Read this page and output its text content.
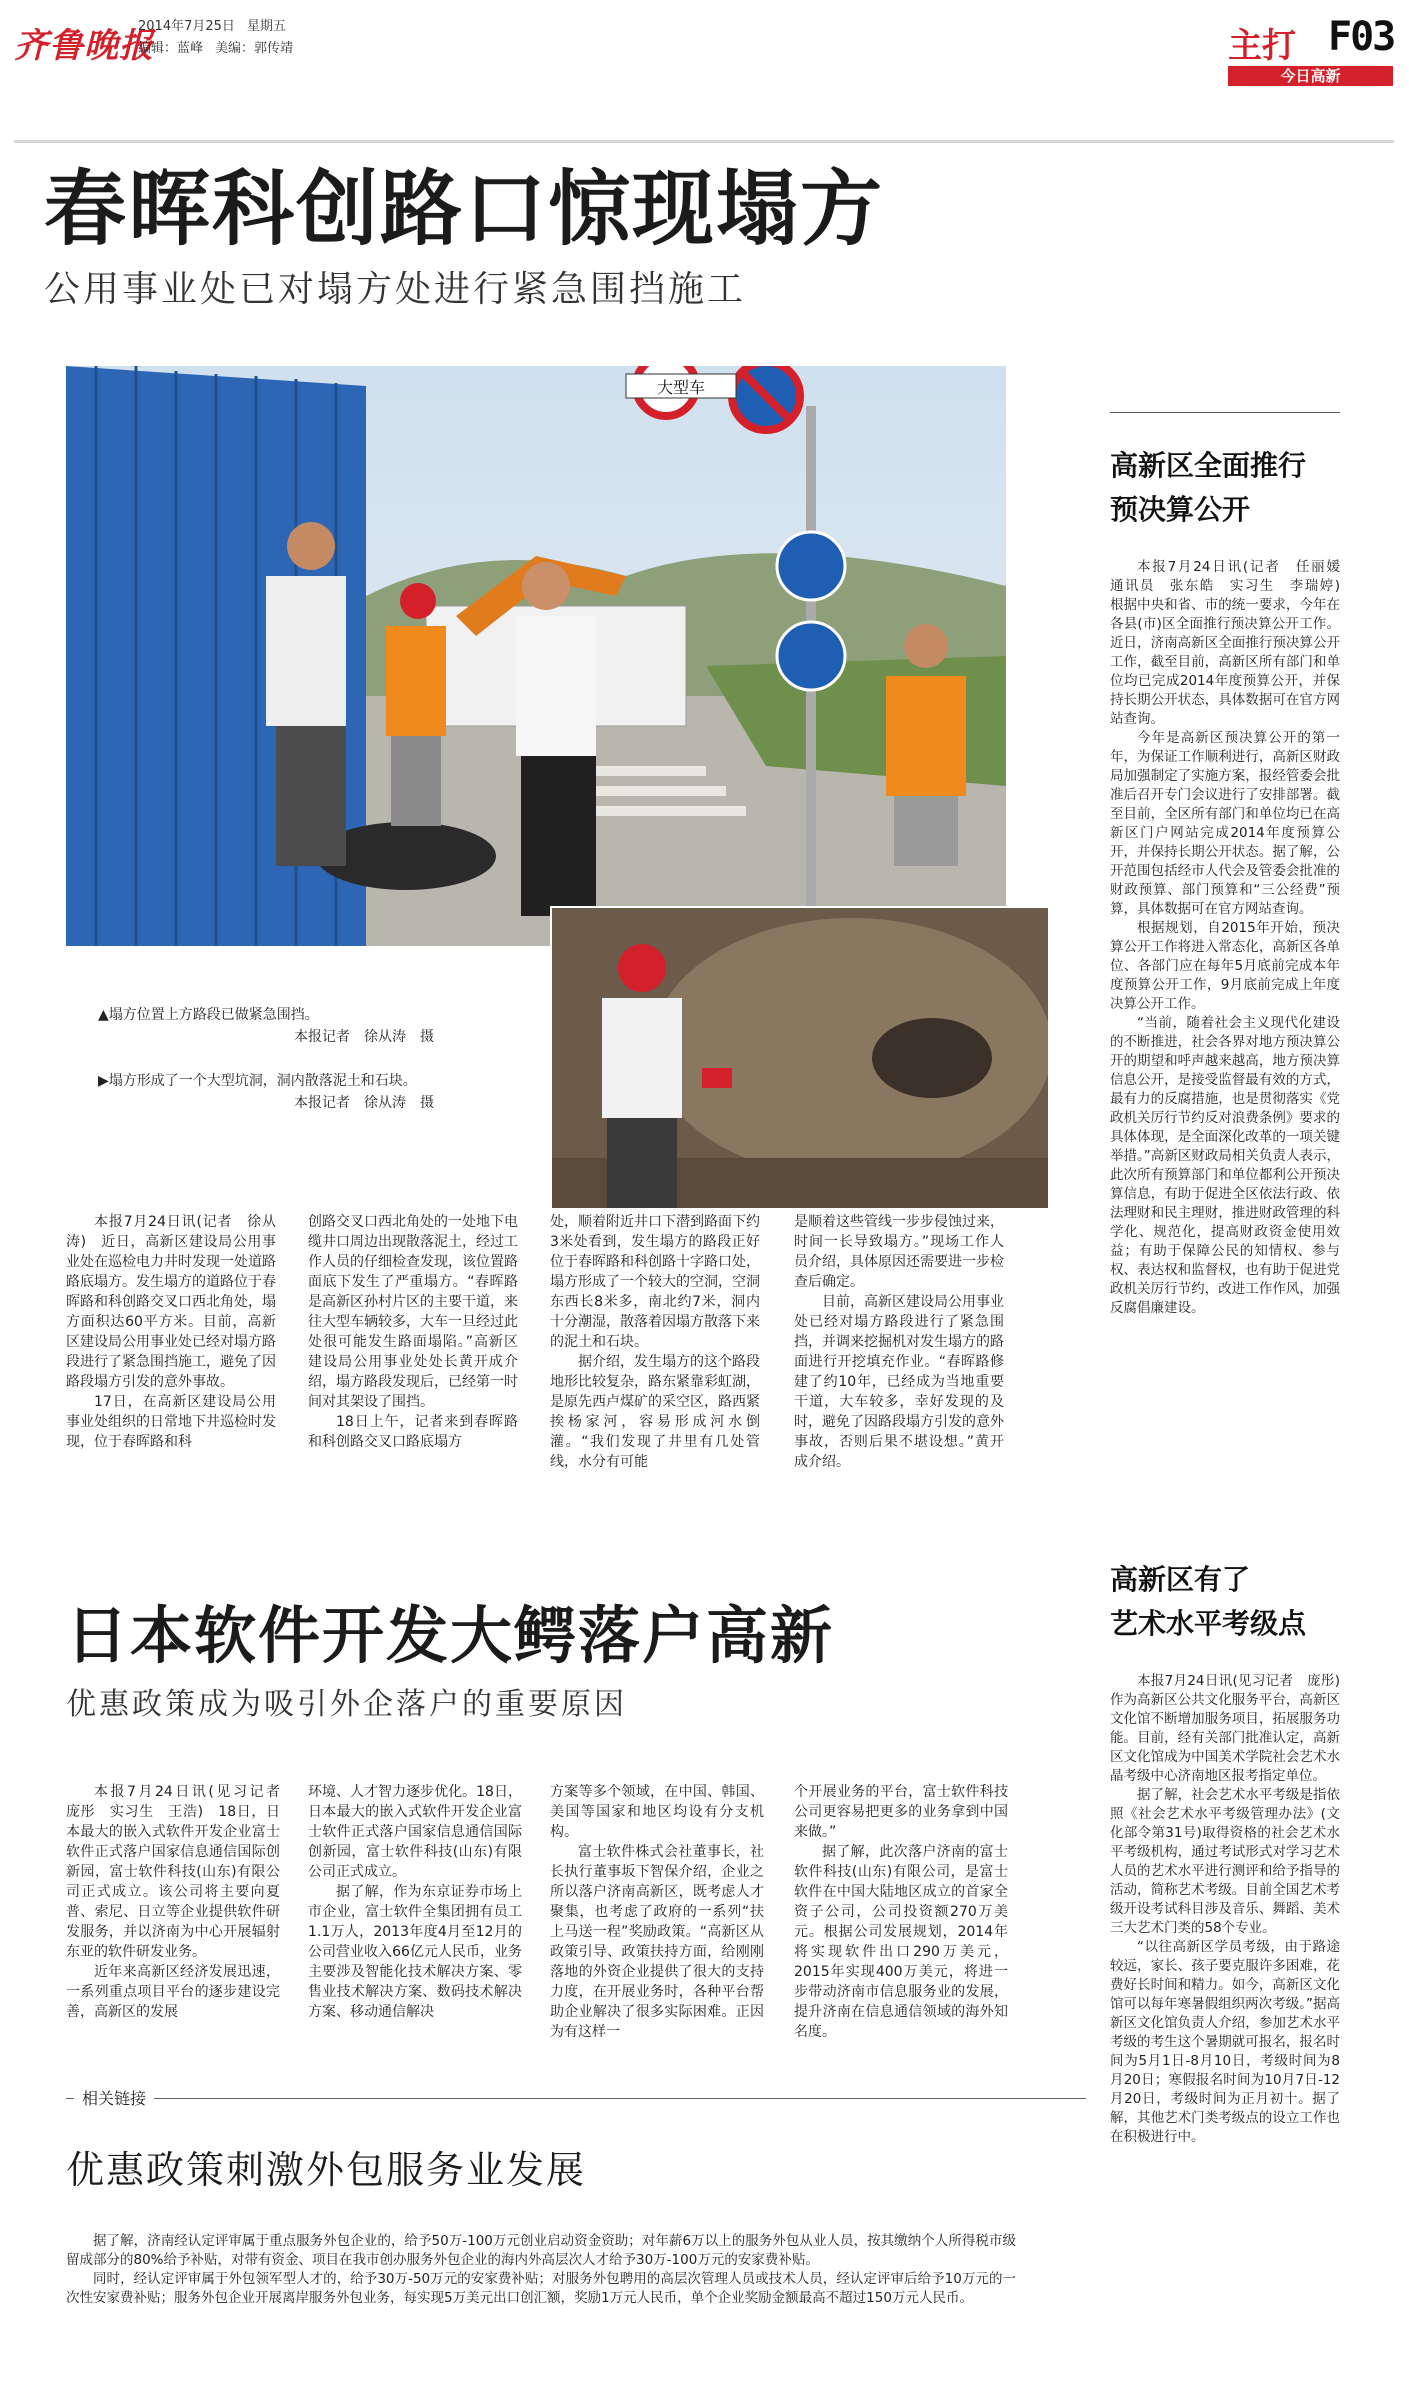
齐鲁晚报
2014年7月25日 星期五
编辑：蓝峰 美编：郭传靖	主打 F03
今日高新
春晖科创路口惊现塌方
公用事业处已对塌方处进行紧急围挡施工
大型车
▲塌方位置上方路段已做紧急围挡。
本报记者　徐从涛　摄
▶塌方形成了一个大型坑洞，洞内散落泥土和石块。
本报记者　徐从涛　摄

本报7月24日讯(记者　徐从涛)　近日，高新区建设局公用事业处在巡检电力井时发现一处道路路底塌方。发生塌方的道路位于春晖路和科创路交叉口西北角处，塌方面积达60平方米。目前，高新区建设局公用事业处已经对塌方路段进行了紧急围挡施工，避免了因路段塌方引发的意外事故。

17日，在高新区建设局公用事业处组织的日常地下井巡检时发现，位于春晖路和科

创路交叉口西北角处的一处地下电缆井口周边出现散落泥土，经过工作人员的仔细检查发现，该位置路面底下发生了严重塌方。“春晖路是高新区孙村片区的主要干道，来往大型车辆较多，大车一旦经过此处很可能发生路面塌陷。”高新区建设局公用事业处处长黄开成介绍，塌方路段发现后，已经第一时间对其架设了围挡。

18日上午，记者来到春晖路和科创路交叉口路底塌方

处，顺着附近井口下潜到路面下约3米处看到，发生塌方的路段正好位于春晖路和科创路十字路口处，塌方形成了一个较大的空洞，空洞东西长8米多，南北约7米，洞内十分潮湿，散落着因塌方散落下来的泥土和石块。

据介绍，发生塌方的这个路段地形比较复杂，路东紧靠彩虹湖，是原先西卢煤矿的采空区，路西紧挨杨家河，容易形成河水倒灌。“我们发现了井里有几处管线，水分有可能

是顺着这些管线一步步侵蚀过来，时间一长导致塌方。”现场工作人员介绍，具体原因还需要进一步检查后确定。

目前，高新区建设局公用事业处已经对塌方路段进行了紧急围挡，并调来挖掘机对发生塌方的路面进行开挖填充作业。“春晖路修建了约10年，已经成为当地重要干道，大车较多，幸好发现的及时，避免了因路段塌方引发的意外事故，否则后果不堪设想。”黄开成介绍。

高新区全面推行
预决算公开

本报7月24日讯(记者　任丽媛　通讯员　张东皓　实习生　李瑞婷)　根据中央和省、市的统一要求，今年在各县(市)区全面推行预决算公开工作。近日，济南高新区全面推行预决算公开工作，截至目前，高新区所有部门和单位均已完成2014年度预算公开，并保持长期公开状态，具体数据可在官方网站查询。

今年是高新区预决算公开的第一年，为保证工作顺利进行，高新区财政局加强制定了实施方案，报经管委会批准后召开专门会议进行了安排部署。截至目前，全区所有部门和单位均已在高新区门户网站完成2014年度预算公开，并保持长期公开状态。据了解，公开范围包括经市人代会及管委会批准的财政预算、部门预算和“三公经费”预算，具体数据可在官方网站查询。

根据规划，自2015年开始，预决算公开工作将进入常态化，高新区各单位、各部门应在每年5月底前完成本年度预算公开工作，9月底前完成上年度决算公开工作。

“当前，随着社会主义现代化建设的不断推进，社会各界对地方预决算公开的期望和呼声越来越高，地方预决算信息公开，是接受监督最有效的方式，最有力的反腐措施，也是贯彻落实《党政机关厉行节约反对浪费条例》要求的具体体现，是全面深化改革的一项关键举措。”高新区财政局相关负责人表示，此次所有预算部门和单位都利公开预决算信息，有助于促进全区依法行政、依法理财和民主理财，推进财政管理的科学化、规范化，提高财政资金使用效益；有助于保障公民的知情权、参与权、表达权和监督权，也有助于促进党政机关厉行节约，改进工作作风，加强反腐倡廉建设。

高新区有了
艺术水平考级点

本报7月24日讯(见习记者　庞彤)　作为高新区公共文化服务平台，高新区文化馆不断增加服务项目，拓展服务功能。目前，经有关部门批准认定，高新区文化馆成为中国美术学院社会艺术水晶考级中心济南地区报考指定单位。

据了解，社会艺术水平考级是指依照《社会艺术水平考级管理办法》(文化部令第31号)取得资格的社会艺术水平考级机构，通过考试形式对学习艺术人员的艺术水平进行测评和给予指导的活动，简称艺术考级。目前全国艺术考级开设考试科目涉及音乐、舞蹈、美术三大艺术门类的58个专业。

“以往高新区学员考级，由于路途较远，家长、孩子要克服许多困难，花费好长时间和精力。如今，高新区文化馆可以每年寒暑假组织两次考级。”据高新区文化馆负责人介绍，参加艺术水平考级的考生这个暑期就可报名，报名时间为5月1日-8月10日，考级时间为8月20日；寒假报名时间为10月7日-12月20日，考级时间为正月初十。据了解，其他艺术门类考级点的设立工作也在积极进行中。

日本软件开发大鳄落户高新
优惠政策成为吸引外企落户的重要原因

本报7月24日讯(见习记者　庞彤　实习生　王浩)　18日，日本最大的嵌入式软件开发企业富士软件正式落户国家信息通信国际创新园，富士软件科技(山东)有限公司正式成立。该公司将主要向夏普、索尼、日立等企业提供软件研发服务，并以济南为中心开展辐射东亚的软件研发业务。

近年来高新区经济发展迅速，一系列重点项目平台的逐步建设完善，高新区的发展

环境、人才智力逐步优化。18日，日本最大的嵌入式软件开发企业富士软件正式落户国家信息通信国际创新园，富士软件科技(山东)有限公司正式成立。

据了解，作为东京证券市场上市企业，富士软件全集团拥有员工1.1万人，2013年度4月至12月的公司营业收入66亿元人民币，业务主要涉及智能化技术解决方案、零售业技术解决方案、数码技术解决方案、移动通信解决

方案等多个领域，在中国、韩国、美国等国家和地区均设有分支机构。

富士软件株式会社董事长，社长执行董事坂下智保介绍，企业之所以落户济南高新区，既考虑人才聚集，也考虑了政府的一系列“扶上马送一程”奖励政策。“高新区从政策引导、政策扶持方面，给刚刚落地的外资企业提供了很大的支持力度，在开展业务时，各种平台帮助企业解决了很多实际困难。正因为有这样一

个开展业务的平台，富士软件科技公司更容易把更多的业务拿到中国来做。”

据了解，此次落户济南的富士软件科技(山东)有限公司，是富士软件在中国大陆地区成立的首家全资子公司，公司投资额270万美元。根据公司发展规划，2014年将实现软件出口290万美元，2015年实现400万美元，将进一步带动济南市信息服务业的发展，提升济南在信息通信领域的海外知名度。

相关链接
优惠政策刺激外包服务业发展

据了解，济南经认定评审属于重点服务外包企业的，给予50万-100万元创业启动资金资助；对年薪6万以上的服务外包从业人员，按其缴纳个人所得税市级留成部分的80%给予补贴，对带有资金、项目在我市创办服务外包企业的海内外高层次人才给予30万-100万元的安家费补贴。

同时，经认定评审属于外包领军型人才的，给予30万-50万元的安家费补贴；对服务外包聘用的高层次管理人员或技术人员，经认定评审后给予10万元的一次性安家费补贴；服务外包企业开展离岸服务外包业务，每实现5万美元出口创汇额，奖励1万元人民币，单个企业奖励金额最高不超过150万元人民币。
